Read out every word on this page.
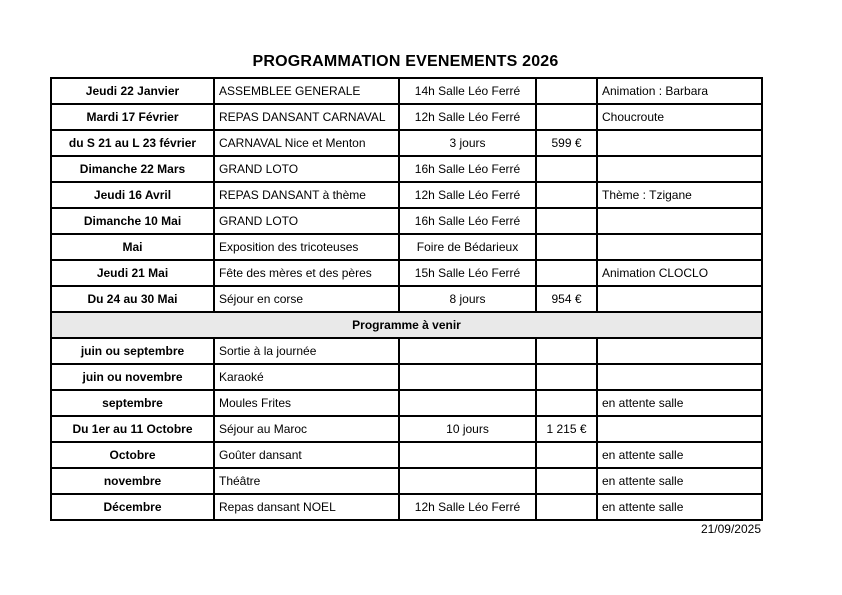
PROGRAMMATION EVENEMENTS 2026
Jeudi 22 Janvier	ASSEMBLEE GENERALE	14h Salle Léo Ferré		Animation : Barbara
Mardi 17 Février	REPAS DANSANT CARNAVAL	12h Salle Léo Ferré		Choucroute
du S 21 au L 23 février	CARNAVAL Nice et Menton	3 jours	599 €	
Dimanche 22 Mars	GRAND LOTO	16h Salle Léo Ferré		
Jeudi 16 Avril	REPAS DANSANT à thème	12h Salle Léo Ferré		Thème : Tzigane
Dimanche 10 Mai	GRAND LOTO	16h Salle Léo Ferré		
Mai	Exposition des tricoteuses	Foire de Bédarieux		
Jeudi 21 Mai	Fête des mères et des pères	15h Salle Léo Ferré		Animation CLOCLO
Du 24 au 30 Mai	Séjour en corse	8 jours	954 €	
Programme à venir				
juin ou septembre	Sortie à la journée			
juin ou novembre	Karaoké			
septembre	Moules Frites			en attente salle
Du 1er au 11 Octobre	Séjour au Maroc	10 jours	1 215 €	
Octobre	Goûter dansant			en attente salle
novembre	Théâtre			en attente salle
Décembre	Repas dansant NOEL	12h Salle Léo Ferré		en attente salle
21/09/2025
